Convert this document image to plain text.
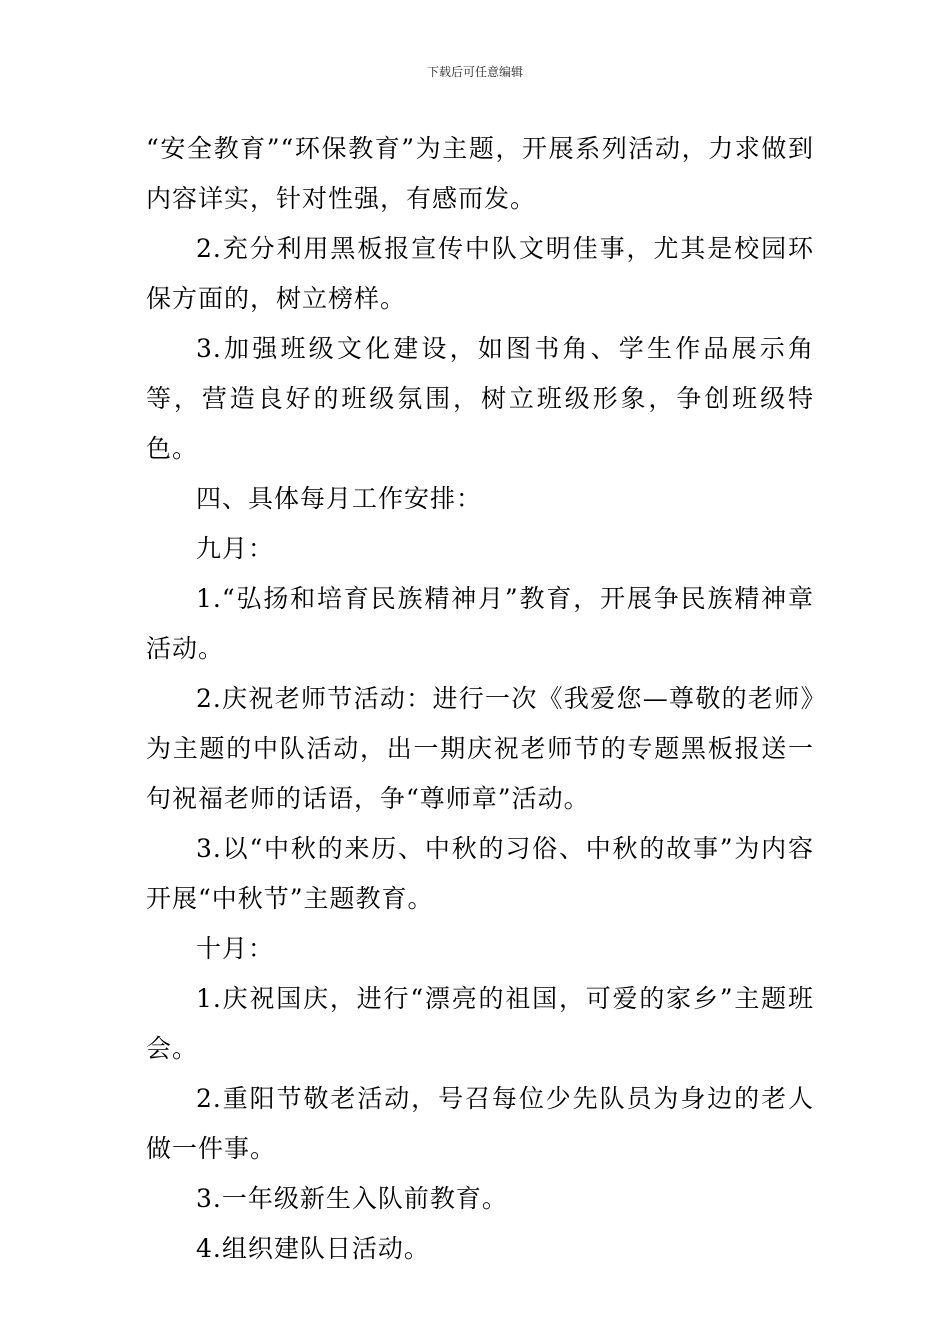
下载后可任意编辑

“安全教育”“环保教育”为主题，开展系列活动，力求做到内容详实，针对性强，有感而发。

2.充分利用黑板报宣传中队文明佳事，尤其是校园环保方面的，树立榜样。

3.加强班级文化建设，如图书角、学生作品展示角等，营造良好的班级氛围，树立班级形象，争创班级特色。

四、具体每月工作安排：

九月：

1.“弘扬和培育民族精神月”教育，开展争民族精神章活动。

2.庆祝老师节活动：进行一次《我爱您—尊敬的老师》为主题的中队活动，出一期庆祝老师节的专题黑板报送一句祝福老师的话语，争“尊师章”活动。

3.以“中秋的来历、中秋的习俗、中秋的故事”为内容开展“中秋节”主题教育。

十月：

1.庆祝国庆，进行“漂亮的祖国，可爱的家乡”主题班会。

2.重阳节敬老活动，号召每位少先队员为身边的老人做一件事。

3.一年级新生入队前教育。

4.组织建队日活动。
